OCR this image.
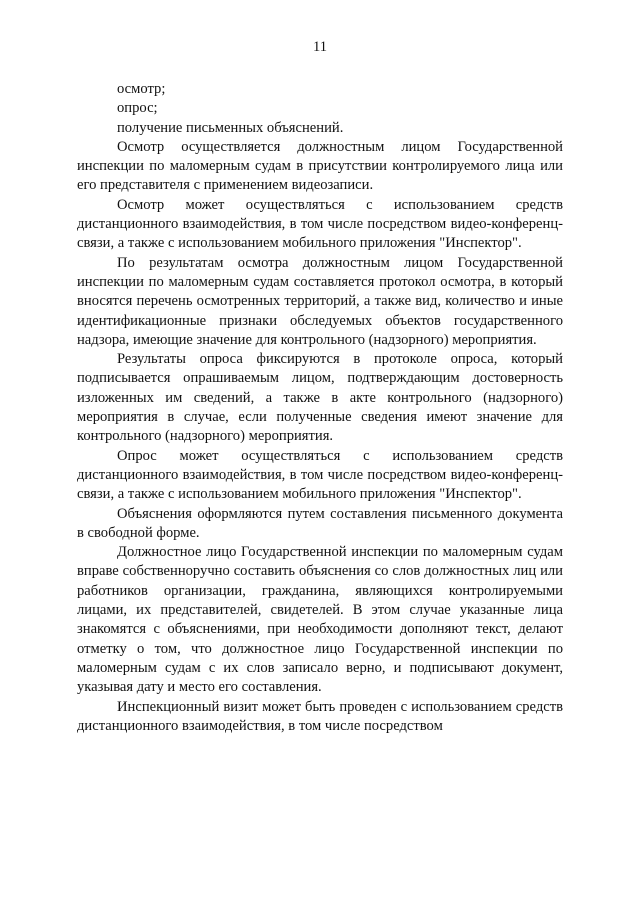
11

осмотр;

опрос;

получение письменных объяснений.

Осмотр осуществляется должностным лицом Государственной инспекции по маломерным судам в присутствии контролируемого лица или его представителя с применением видеозаписи.

Осмотр может осуществляться с использованием средств дистанционного взаимодействия, в том числе посредством видео-конференц-связи, а также с использованием мобильного приложения "Инспектор".

По результатам осмотра должностным лицом Государственной инспекции по маломерным судам составляется протокол осмотра, в который вносятся перечень осмотренных территорий, а также вид, количество и иные идентификационные признаки обследуемых объектов государственного надзора, имеющие значение для контрольного (надзорного) мероприятия.

Результаты опроса фиксируются в протоколе опроса, который подписывается опрашиваемым лицом, подтверждающим достоверность изложенных им сведений, а также в акте контрольного (надзорного) мероприятия в случае, если полученные сведения имеют значение для контрольного (надзорного) мероприятия.

Опрос может осуществляться с использованием средств дистанционного взаимодействия, в том числе посредством видео-конференц-связи, а также с использованием мобильного приложения "Инспектор".

Объяснения оформляются путем составления письменного документа в свободной форме.

Должностное лицо Государственной инспекции по маломерным судам вправе собственноручно составить объяснения со слов должностных лиц или работников организации, гражданина, являющихся контролируемыми лицами, их представителей, свидетелей. В этом случае указанные лица знакомятся с объяснениями, при необходимости дополняют текст, делают отметку о том, что должностное лицо Государственной инспекции по маломерным судам с их слов записало верно, и подписывают документ, указывая дату и место его составления.

Инспекционный визит может быть проведен с использованием средств дистанционного взаимодействия, в том числе посредством
